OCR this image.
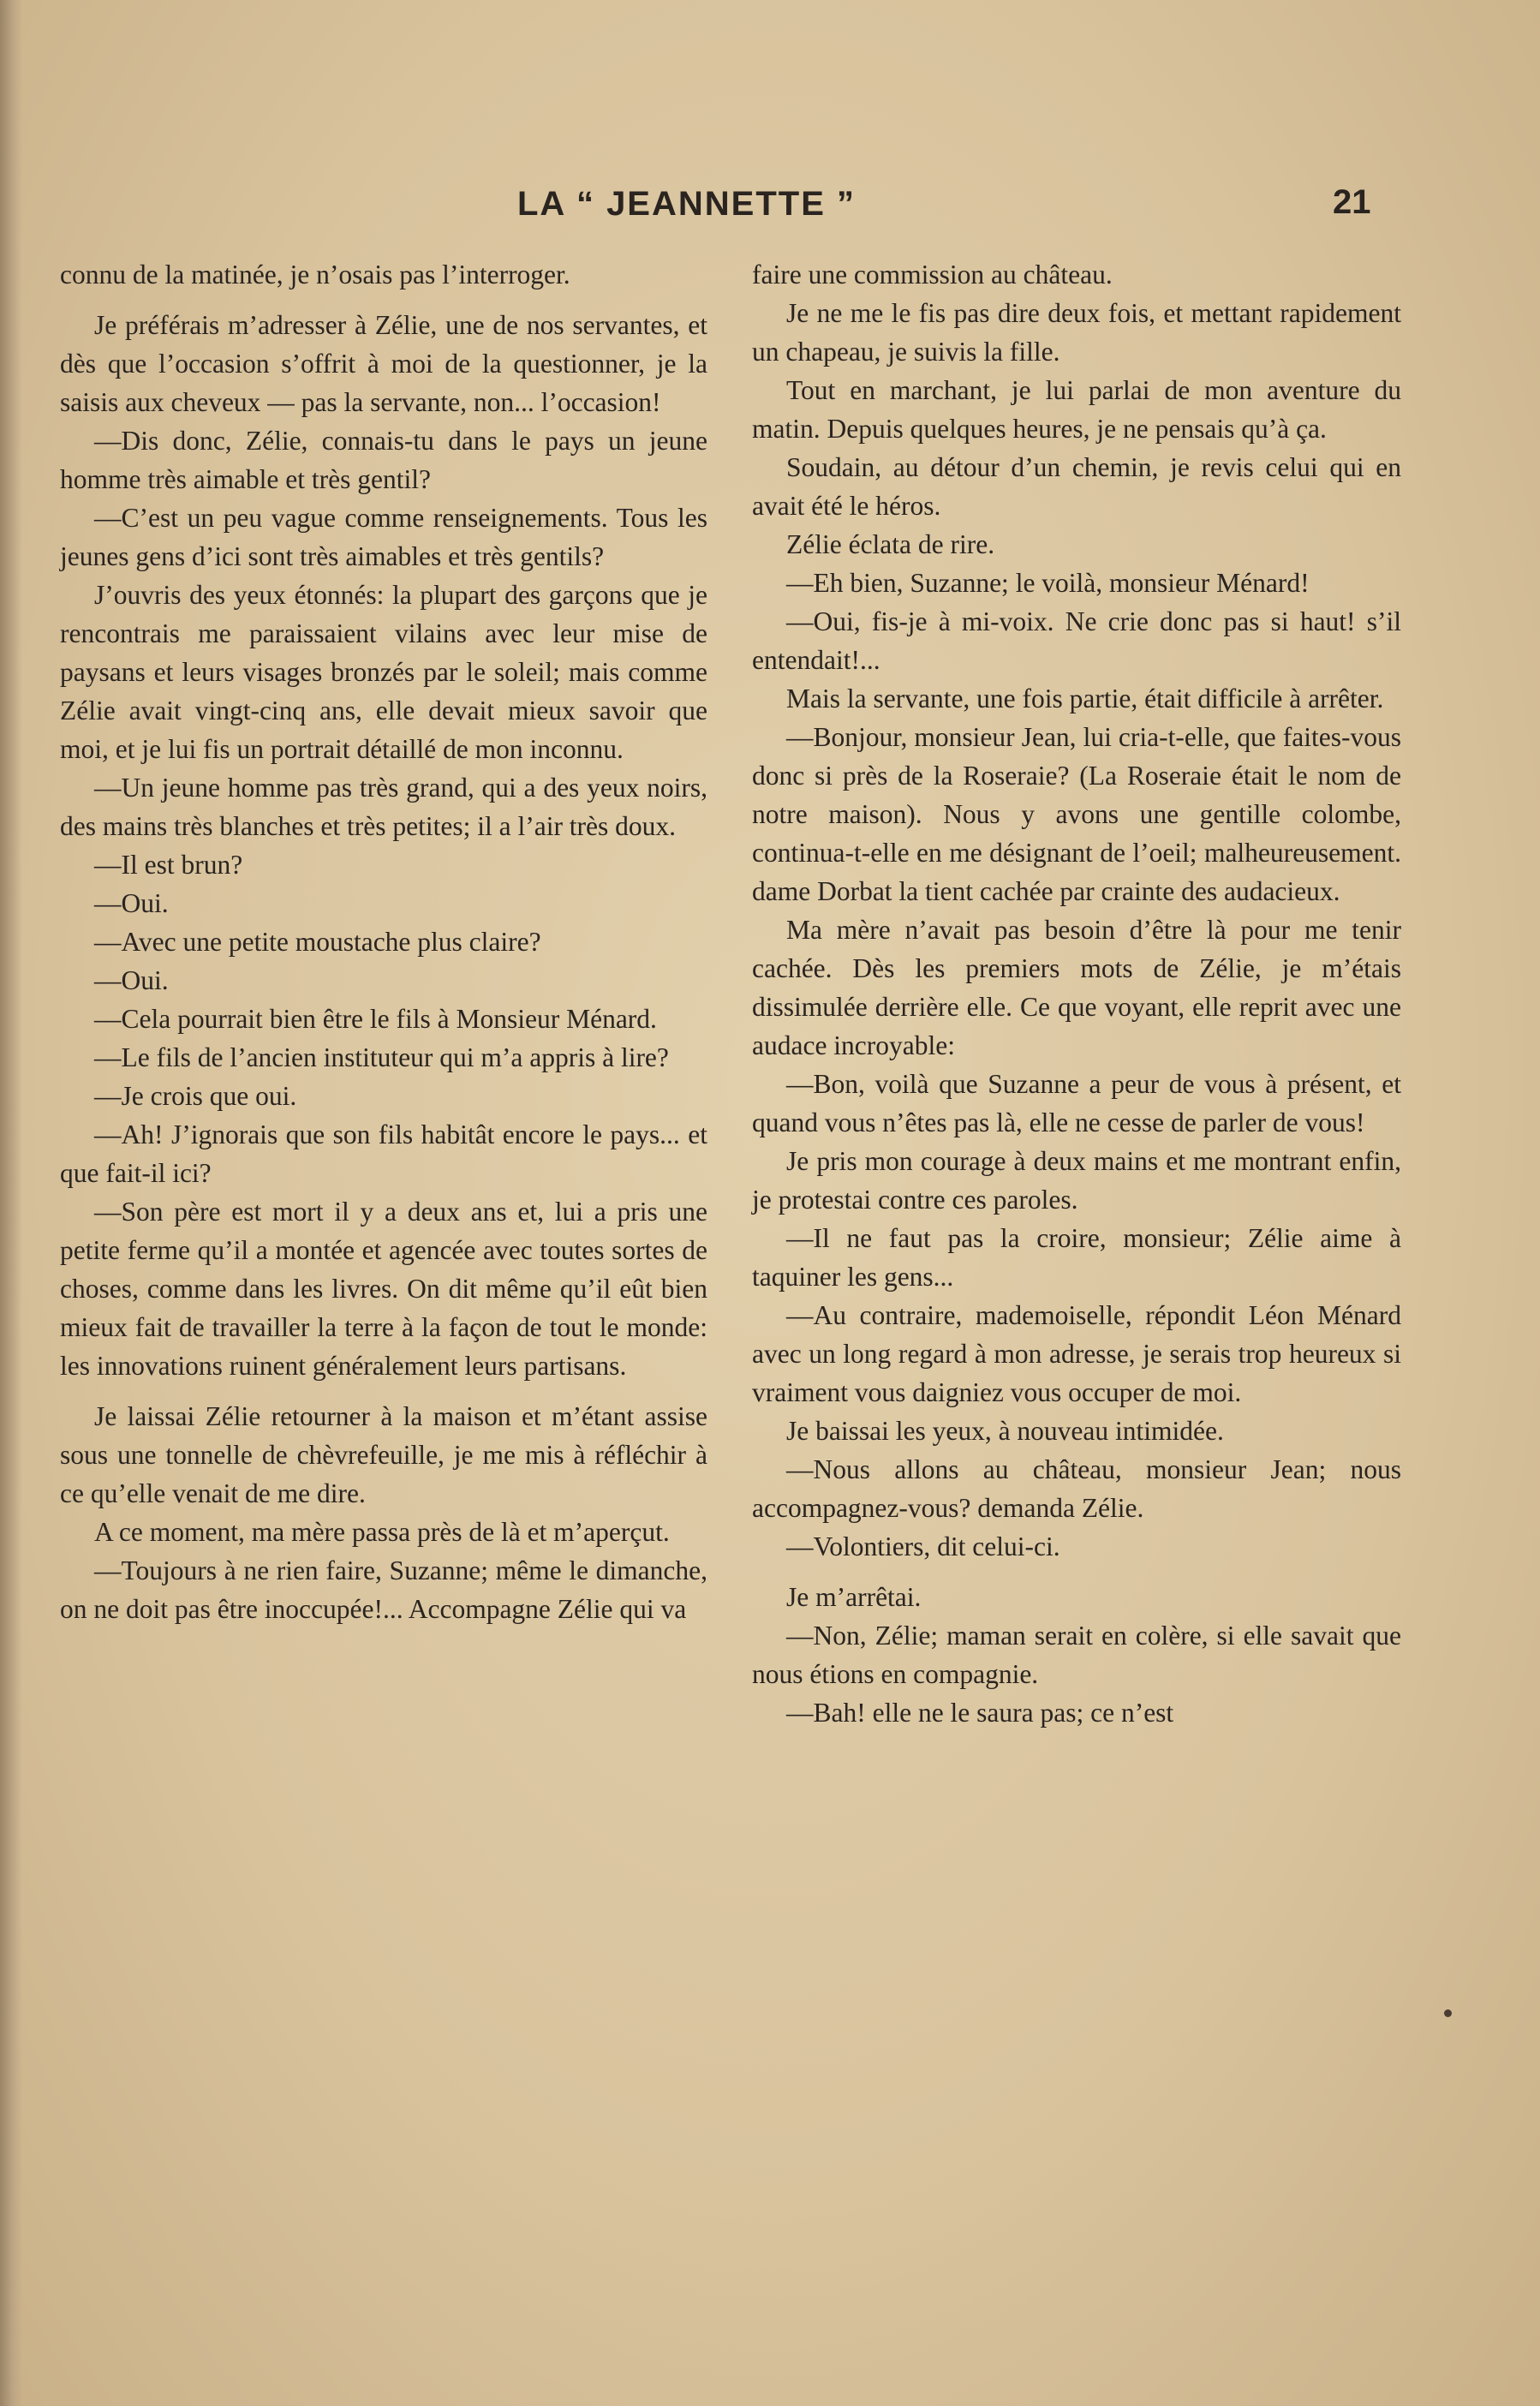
LA “ JEANNETTE ”	21

connu de la matinée, je n’osais pas l’interroger.

Je préférais m’adresser à Zélie, une de nos servantes, et dès que l’occasion s’offrit à moi de la questionner, je la saisis aux cheveux — pas la servante, non... l’occasion!

—Dis donc, Zélie, connais-tu dans le pays un jeune homme très aimable et très gentil?

—C’est un peu vague comme renseignements. Tous les jeunes gens d’ici sont très aimables et très gentils?

J’ouvris des yeux étonnés: la plupart des garçons que je rencontrais me paraissaient vilains avec leur mise de paysans et leurs visages bronzés par le soleil; mais comme Zélie avait vingt-cinq ans, elle devait mieux savoir que moi, et je lui fis un portrait détaillé de mon inconnu.

—Un jeune homme pas très grand, qui a des yeux noirs, des mains très blanches et très petites; il a l’air très doux.

—Il est brun?

—Oui.

—Avec une petite moustache plus claire?

—Oui.

—Cela pourrait bien être le fils à Monsieur Ménard.

—Le fils de l’ancien instituteur qui m’a appris à lire?

—Je crois que oui.

—Ah! J’ignorais que son fils habitât encore le pays... et que fait-il ici?

—Son père est mort il y a deux ans et, lui a pris une petite ferme qu’il a montée et agencée avec toutes sortes de choses, comme dans les livres. On dit même qu’il eût bien mieux fait de travailler la terre à la façon de tout le monde: les innovations ruinent généralement leurs partisans.

Je laissai Zélie retourner à la maison et m’étant assise sous une tonnelle de chèvrefeuille, je me mis à réfléchir à ce qu’elle venait de me dire.

A ce moment, ma mère passa près de là et m’aperçut.

—Toujours à ne rien faire, Suzanne; même le dimanche, on ne doit pas être inoccupée!... Accompagne Zélie qui va

faire une commission au château.

Je ne me le fis pas dire deux fois, et mettant rapidement un chapeau, je suivis la fille.

Tout en marchant, je lui parlai de mon aventure du matin. Depuis quelques heures, je ne pensais qu’à ça.

Soudain, au détour d’un chemin, je revis celui qui en avait été le héros.

Zélie éclata de rire.

—Eh bien, Suzanne; le voilà, monsieur Ménard!

—Oui, fis-je à mi-voix. Ne crie donc pas si haut! s’il entendait!...

Mais la servante, une fois partie, était difficile à arrêter.

—Bonjour, monsieur Jean, lui cria-t-elle, que faites-vous donc si près de la Roseraie? (La Roseraie était le nom de notre maison). Nous y avons une gentille colombe, continua-t-elle en me désignant de l’oeil; malheureusement. dame Dorbat la tient cachée par crainte des audacieux.

Ma mère n’avait pas besoin d’être là pour me tenir cachée. Dès les premiers mots de Zélie, je m’étais dissimulée derrière elle. Ce que voyant, elle reprit avec une audace incroyable:

—Bon, voilà que Suzanne a peur de vous à présent, et quand vous n’êtes pas là, elle ne cesse de parler de vous!

Je pris mon courage à deux mains et me montrant enfin, je protestai contre ces paroles.

—Il ne faut pas la croire, monsieur; Zélie aime à taquiner les gens...

—Au contraire, mademoiselle, répondit Léon Ménard avec un long regard à mon adresse, je serais trop heureux si vraiment vous daigniez vous occuper de moi.

Je baissai les yeux, à nouveau intimidée.

—Nous allons au château, monsieur Jean; nous accompagnez-vous? demanda Zélie.

—Volontiers, dit celui-ci.

Je m’arrêtai.

—Non, Zélie; maman serait en colère, si elle savait que nous étions en compagnie.

—Bah! elle ne le saura pas; ce n’est
